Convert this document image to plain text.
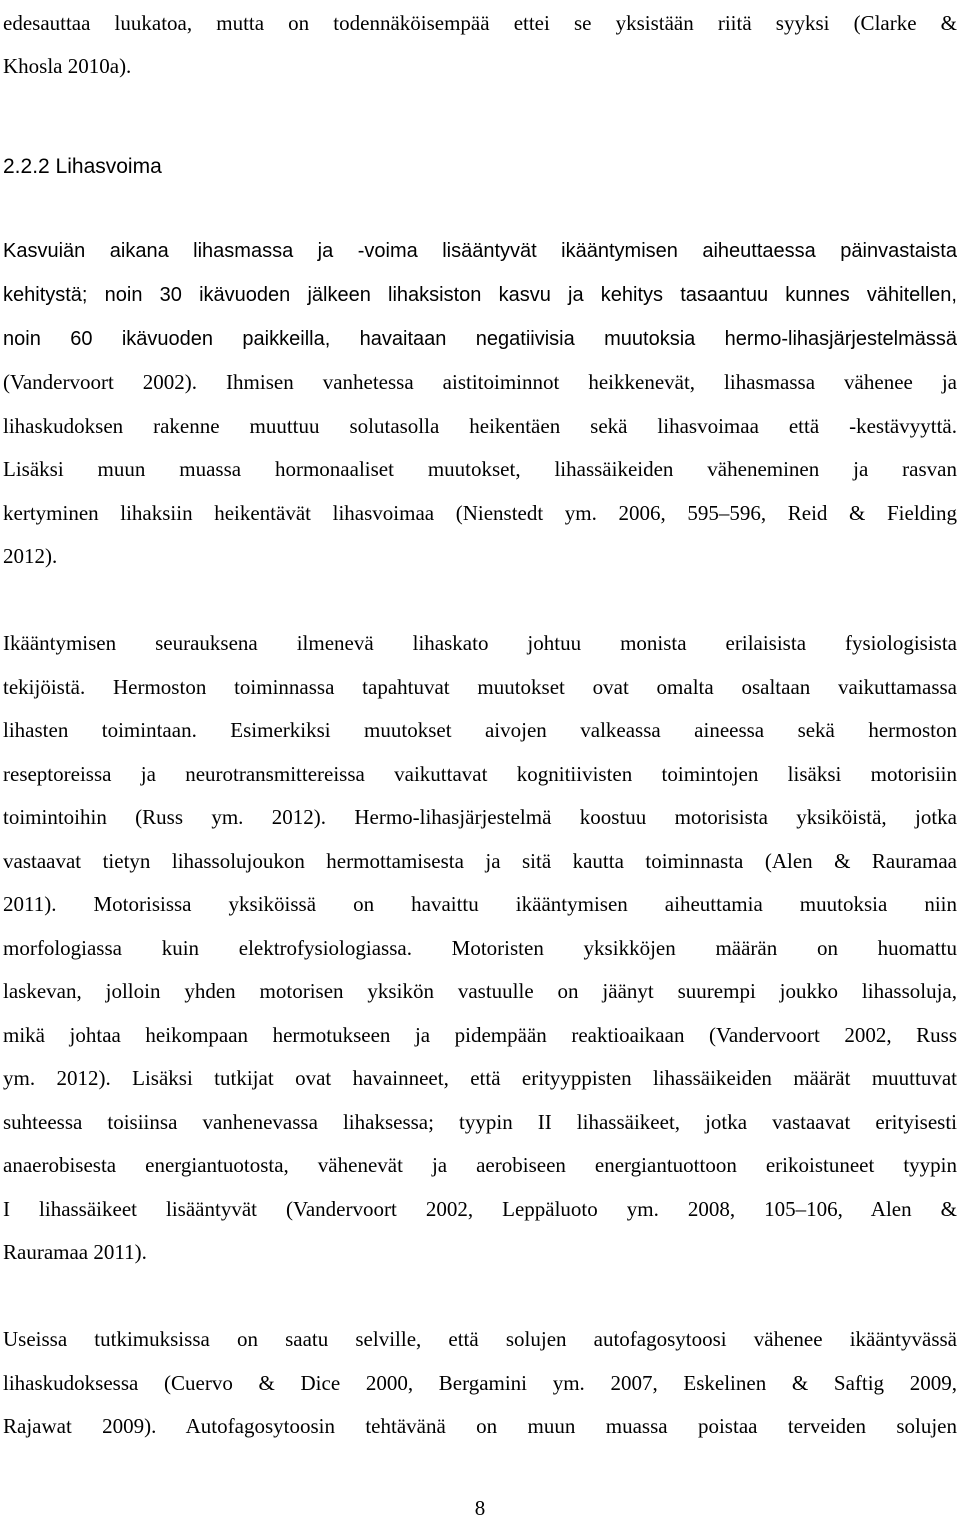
edesauttaa luukatoa, mutta on todennäköisempää ettei se yksistään riitä syyksi (Clarke &
Khosla 2010a).
2.2.2 Lihasvoima
Kasvuiän aikana lihasmassa ja -voima lisääntyvät ikääntymisen aiheuttaessa päinvastaista
kehitystä; noin 30 ikävuoden jälkeen lihaksiston kasvu ja kehitys tasaantuu kunnes vähitellen,
noin 60 ikävuoden paikkeilla, havaitaan negatiivisia muutoksia hermo-lihasjärjestelmässä
(Vandervoort 2002). Ihmisen vanhetessa aistitoiminnot heikkenevät, lihasmassa vähenee ja
lihaskudoksen rakenne muuttuu solutasolla heikentäen sekä lihasvoimaa että -kestävyyttä.
Lisäksi muun muassa hormonaaliset muutokset, lihassäikeiden väheneminen ja rasvan
kertyminen lihaksiin heikentävät lihasvoimaa (Nienstedt ym. 2006, 595–596, Reid & Fielding
2012).
Ikääntymisen seurauksena ilmenevä lihaskato johtuu monista erilaisista fysiologisista
tekijöistä. Hermoston toiminnassa tapahtuvat muutokset ovat omalta osaltaan vaikuttamassa
lihasten toimintaan. Esimerkiksi muutokset aivojen valkeassa aineessa sekä hermoston
reseptoreissa ja neurotransmittereissa vaikuttavat kognitiivisten toimintojen lisäksi motorisiin
toimintoihin (Russ ym. 2012). Hermo-lihasjärjestelmä koostuu motorisista yksiköistä, jotka
vastaavat tietyn lihassolujoukon hermottamisesta ja sitä kautta toiminnasta (Alen & Rauramaa
2011). Motorisissa yksiköissä on havaittu ikääntymisen aiheuttamia muutoksia niin
morfologiassa kuin elektrofysiologiassa. Motoristen yksikköjen määrän on huomattu
laskevan, jolloin yhden motorisen yksikön vastuulle on jäänyt suurempi joukko lihassoluja,
mikä johtaa heikompaan hermotukseen ja pidempään reaktioaikaan (Vandervoort 2002, Russ
ym. 2012). Lisäksi tutkijat ovat havainneet, että erityyppisten lihassäikeiden määrät muuttuvat
suhteessa toisiinsa vanhenevassa lihaksessa; tyypin II lihassäikeet, jotka vastaavat erityisesti
anaerobisesta energiantuotosta, vähenevät ja aerobiseen energiantuottoon erikoistuneet tyypin
I lihassäikeet lisääntyvät (Vandervoort 2002, Leppäluoto ym. 2008, 105–106, Alen &
Rauramaa 2011).
Useissa tutkimuksissa on saatu selville, että solujen autofagosytoosi vähenee ikääntyvässä
lihaskudoksessa (Cuervo & Dice 2000, Bergamini ym. 2007, Eskelinen & Saftig 2009,
Rajawat 2009). Autofagosytoosin tehtävänä on muun muassa poistaa terveiden solujen
8
